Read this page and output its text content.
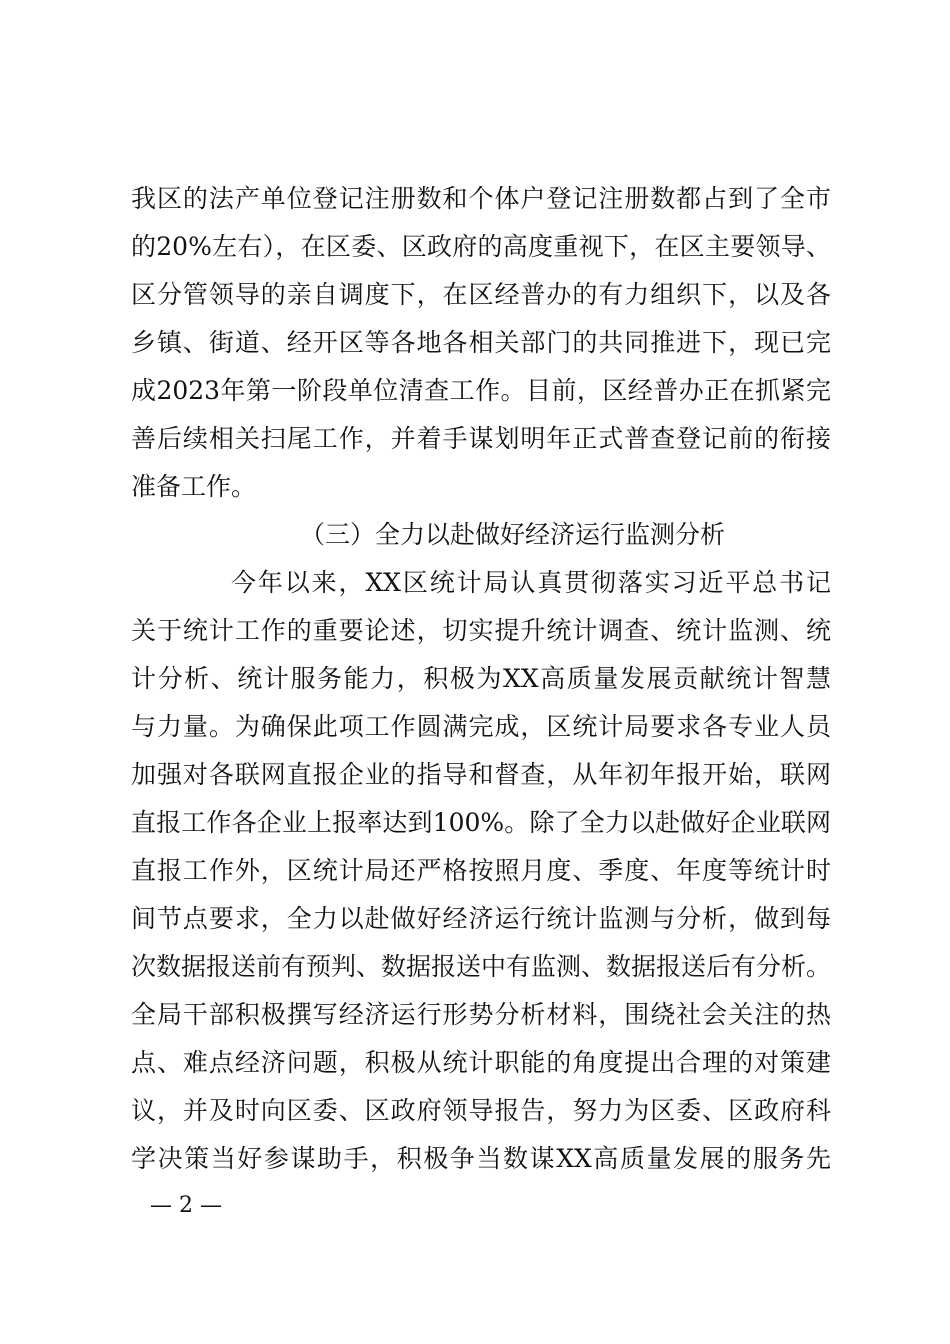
我区的法产单位登记注册数和个体户登记注册数都占到了全市
的20%左右），在区委、区政府的高度重视下，在区主要领导、
区分管领导的亲自调度下，在区经普办的有力组织下，以及各
乡镇、街道、经开区等各地各相关部门的共同推进下，现已完
成2023年第一阶段单位清查工作。目前，区经普办正在抓紧完
善后续相关扫尾工作，并着手谋划明年正式普查登记前的衔接
准备工作。
（三）全力以赴做好经济运行监测分析
今年以来，XX区统计局认真贯彻落实习近平总书记
关于统计工作的重要论述，切实提升统计调查、统计监测、统
计分析、统计服务能力，积极为XX高质量发展贡献统计智慧
与力量。为确保此项工作圆满完成，区统计局要求各专业人员
加强对各联网直报企业的指导和督查，从年初年报开始，联网
直报工作各企业上报率达到100%。除了全力以赴做好企业联网
直报工作外，区统计局还严格按照月度、季度、年度等统计时
间节点要求，全力以赴做好经济运行统计监测与分析，做到每
次数据报送前有预判、数据报送中有监测、数据报送后有分析。
全局干部积极撰写经济运行形势分析材料，围绕社会关注的热
点、难点经济问题，积极从统计职能的角度提出合理的对策建
议，并及时向区委、区政府领导报告，努力为区委、区政府科
学决策当好参谋助手，积极争当数谋XX高质量发展的服务先
— 2 —
